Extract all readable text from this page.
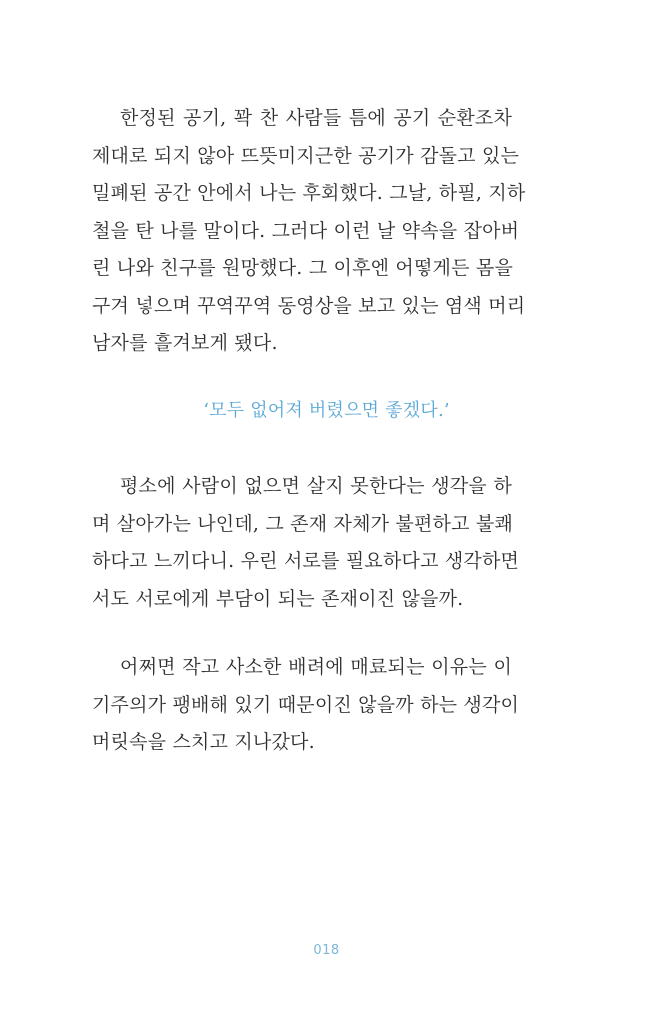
한정된 공기, 꽉 찬 사람들 틈에 공기 순환조차
제대로 되지 않아 뜨뜻미지근한 공기가 감돌고 있는
밀폐된 공간 안에서 나는 후회했다. 그날, 하필, 지하
철을 탄 나를 말이다. 그러다 이런 날 약속을 잡아버
린 나와 친구를 원망했다. 그 이후엔 어떻게든 몸을
구겨 넣으며 꾸역꾸역 동영상을 보고 있는 염색 머리
남자를 흘겨보게 됐다.
‘모두 없어져 버렸으면 좋겠다.’
평소에 사람이 없으면 살지 못한다는 생각을 하
며 살아가는 나인데, 그 존재 자체가 불편하고 불쾌
하다고 느끼다니. 우린 서로를 필요하다고 생각하면
서도 서로에게 부담이 되는 존재이진 않을까.
어쩌면 작고 사소한 배려에 매료되는 이유는 이
기주의가 팽배해 있기 때문이진 않을까 하는 생각이
머릿속을 스치고 지나갔다.
018
